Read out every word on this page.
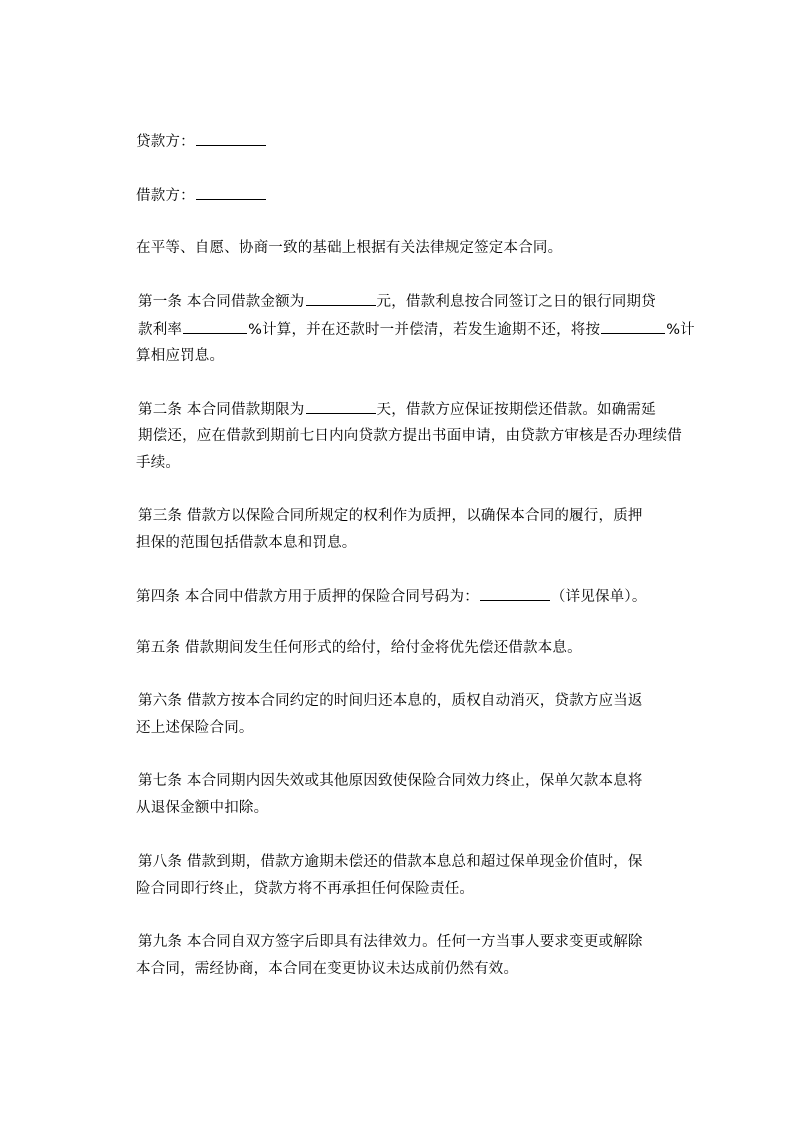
贷款方：
借款方：
在平等、自愿、协商一致的基础上根据有关法律规定签定本合同。
第一条 本合同借款金额为	元，借款利息按合同签订之日的银行同期贷
款利率	%计算，并在还款时一并偿清，若发生逾期不还，将按	%计
算相应罚息。
第二条 本合同借款期限为	天，借款方应保证按期偿还借款。如确需延
期偿还，应在借款到期前七日内向贷款方提出书面申请，由贷款方审核是否办理续借
手续。
第三条 借款方以保险合同所规定的权利作为质押，以确保本合同的履行，质押
担保的范围包括借款本息和罚息。
第四条 本合同中借款方用于质押的保险合同号码为：	（详见保单）。
第五条 借款期间发生任何形式的给付，给付金将优先偿还借款本息。
第六条 借款方按本合同约定的时间归还本息的，质权自动消灭，贷款方应当返
还上述保险合同。
第七条 本合同期内因失效或其他原因致使保险合同效力终止，保单欠款本息将
从退保金额中扣除。
第八条 借款到期，借款方逾期未偿还的借款本息总和超过保单现金价值时，保
险合同即行终止，贷款方将不再承担任何保险责任。
第九条 本合同自双方签字后即具有法律效力。任何一方当事人要求变更或解除
本合同，需经协商，本合同在变更协议未达成前仍然有效。
